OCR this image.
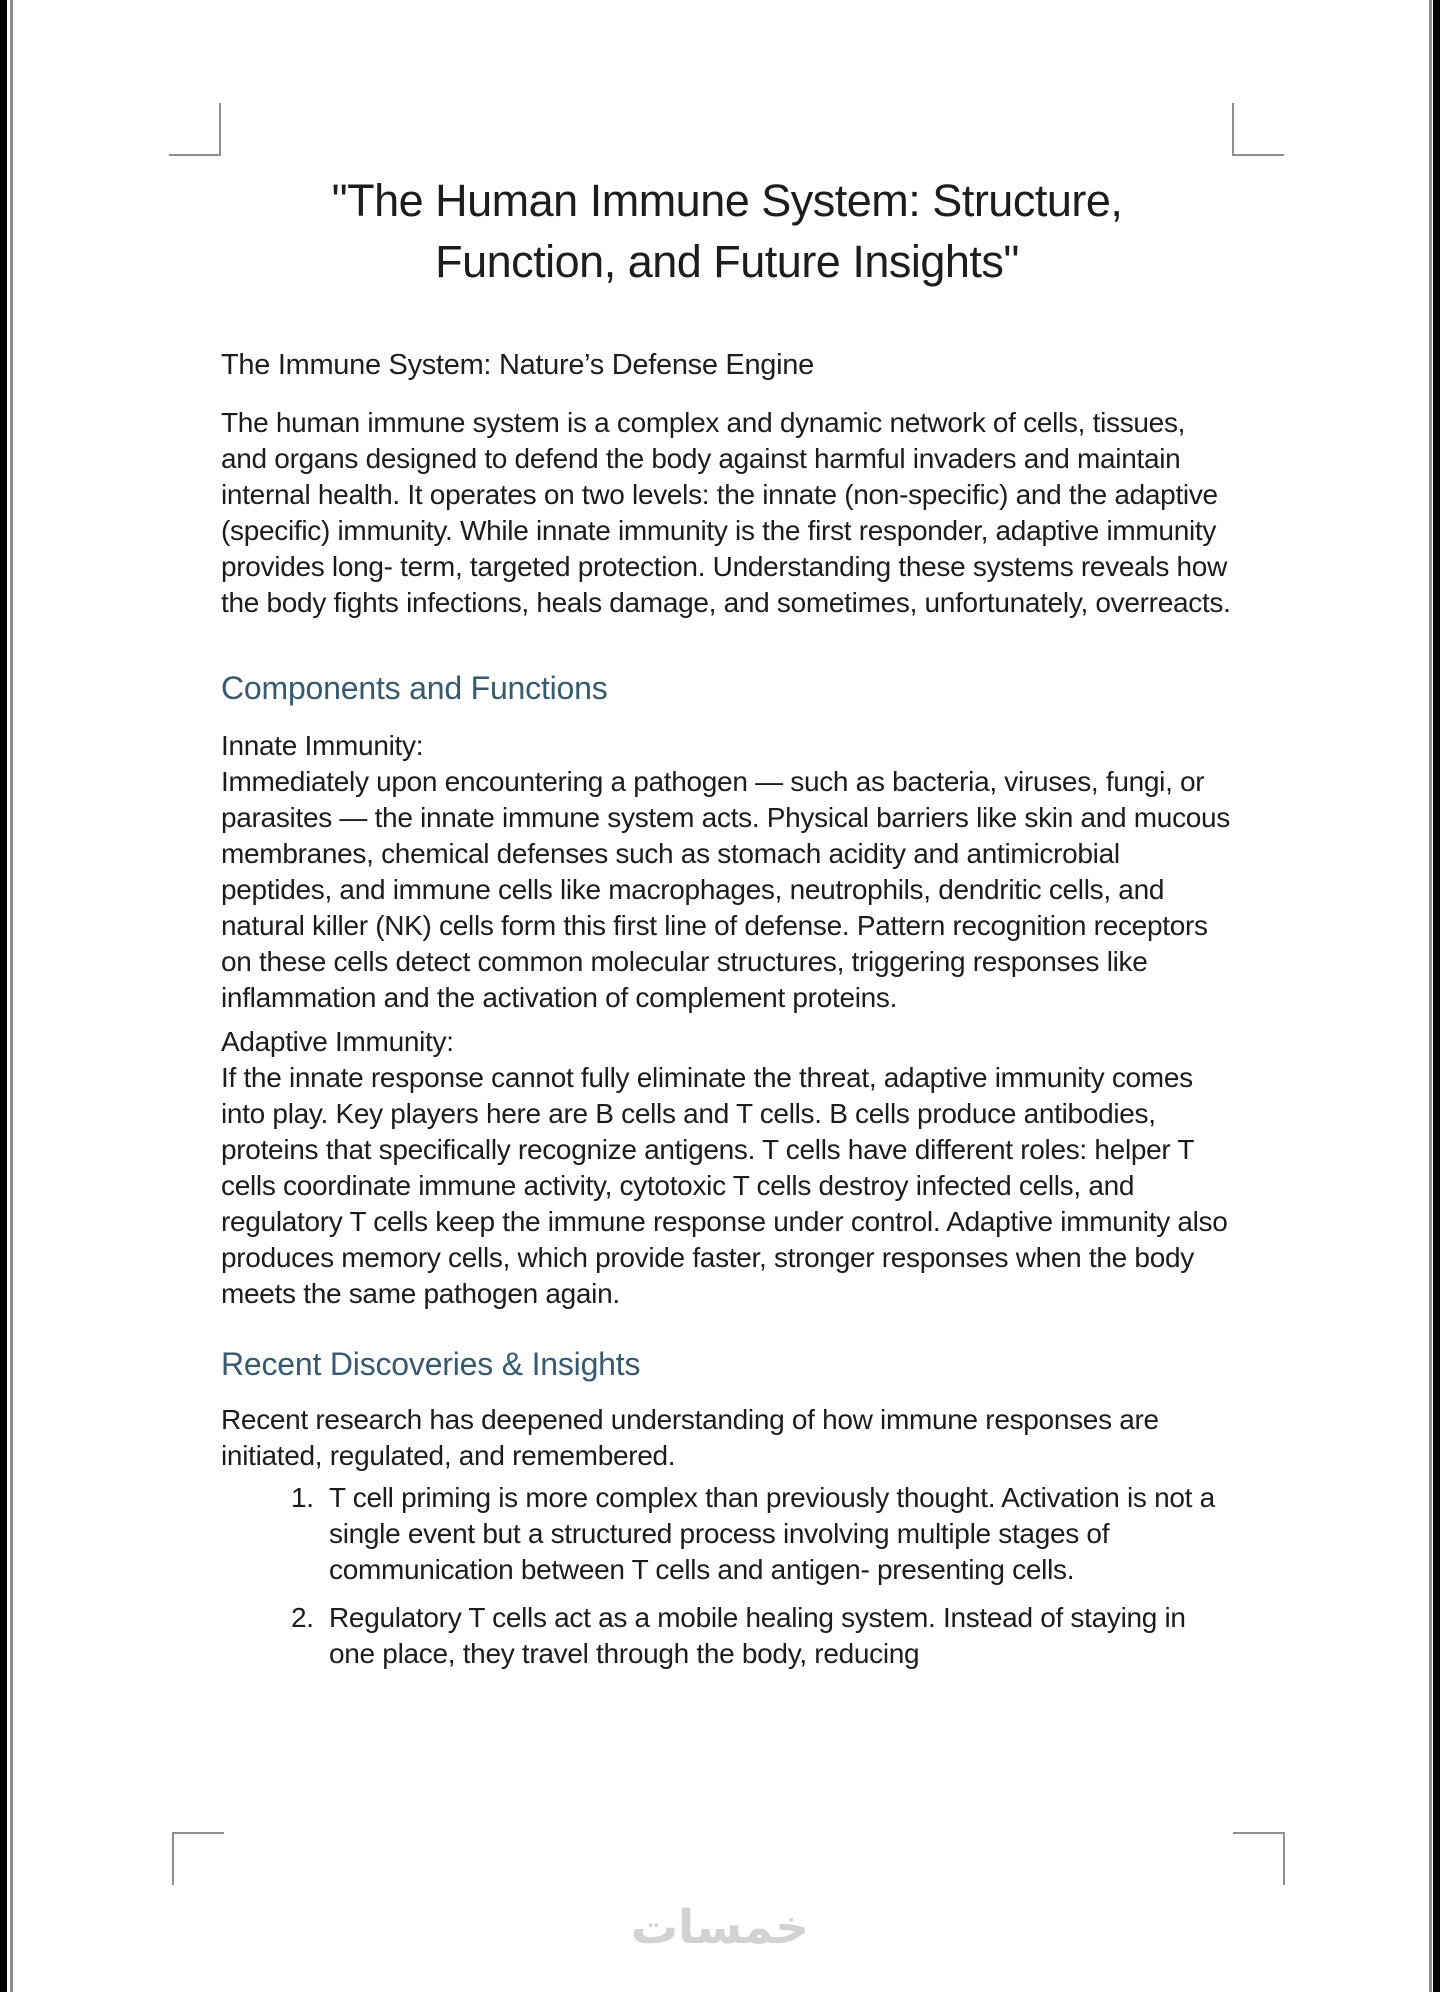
"The Human Immune System: Structure,
Function, and Future Insights"
The Immune System: Nature’s Defense Engine

The human immune system is a complex and dynamic network of cells, tissues, and organs designed to defend the body against harmful invaders and maintain internal health. It operates on two levels: the innate (non-specific) and the adaptive (specific) immunity. While innate immunity is the first responder, adaptive immunity provides long- term, targeted protection. Understanding these systems reveals how the body fights infections, heals damage, and sometimes, unfortunately, overreacts.

Components and Functions
Innate Immunity:
Immediately upon encountering a pathogen — such as bacteria, viruses, fungi, or parasites — the innate immune system acts. Physical barriers like skin and mucous membranes, chemical defenses such as stomach acidity and antimicrobial peptides, and immune cells like macrophages, neutrophils, dendritic cells, and natural killer (NK) cells form this first line of defense. Pattern recognition receptors on these cells detect common molecular structures, triggering responses like inflammation and the activation of complement proteins.
Adaptive Immunity:
If the innate response cannot fully eliminate the threat, adaptive immunity comes into play. Key players here are B cells and T cells. B cells produce antibodies, proteins that specifically recognize antigens. T cells have different roles: helper T cells coordinate immune activity, cytotoxic T cells destroy infected cells, and regulatory T cells keep the immune response under control. Adaptive immunity also produces memory cells, which provide faster, stronger responses when the body meets the same pathogen again.
Recent Discoveries & Insights

Recent research has deepened understanding of how immune responses are initiated, regulated, and remembered.

1. T cell priming is more complex than previously thought. Activation is not a single event but a structured process involving multiple stages of communication between T cells and antigen- presenting cells.
2. Regulatory T cells act as a mobile healing system. Instead of staying in one place, they travel through the body, reducing
خمسات
